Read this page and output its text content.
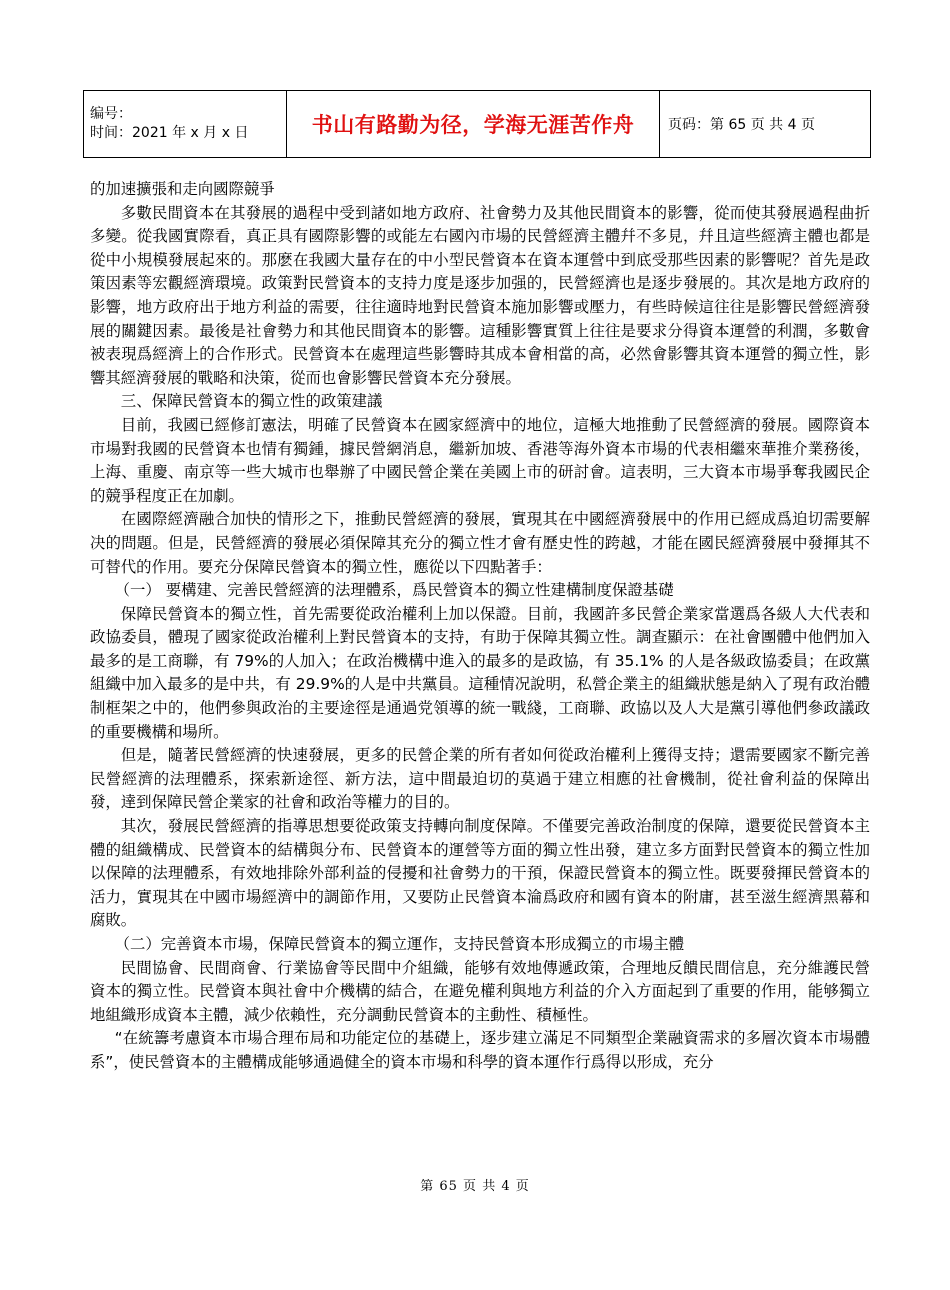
编号：
时间：2021 年 x 月 x 日	书山有路勤为径，学海无涯苦作舟	页码：第 65 页 共 4 页

的加速擴張和走向國際競爭

多數民間資本在其發展的過程中受到諸如地方政府、社會勢力及其他民間資本的影響，從而使其發展過程曲折多變。從我國實際看，真正具有國際影響的或能左右國內市場的民營經濟主體幷不多見，幷且這些經濟主體也都是從中小規模發展起來的。那麽在我國大量存在的中小型民營資本在資本運營中到底受那些因素的影響呢？首先是政策因素等宏觀經濟環境。政策對民營資本的支持力度是逐步加强的，民營經濟也是逐步發展的。其次是地方政府的影響，地方政府出于地方利益的需要，往往適時地對民營資本施加影響或壓力，有些時候這往往是影響民營經濟發展的關鍵因素。最後是社會勢力和其他民間資本的影響。這種影響實質上往往是要求分得資本運營的利潤，多數會被表現爲經濟上的合作形式。民營資本在處理這些影響時其成本會相當的高，必然會影響其資本運營的獨立性，影響其經濟發展的戰略和決策，從而也會影響民營資本充分發展。

三、保障民營資本的獨立性的政策建議

目前，我國已經修訂憲法，明確了民營資本在國家經濟中的地位，這極大地推動了民營經濟的發展。國際資本市場對我國的民營資本也情有獨鍾，據民營網消息，繼新加坡、香港等海外資本市場的代表相繼來華推介業務後，上海、重慶、南京等一些大城市也舉辦了中國民營企業在美國上市的研討會。這表明，三大資本市場爭奪我國民企的競爭程度正在加劇。

在國際經濟融合加快的情形之下，推動民營經濟的發展，實現其在中國經濟發展中的作用已經成爲迫切需要解决的問題。但是，民營經濟的發展必須保障其充分的獨立性才會有歷史性的跨越，才能在國民經濟發展中發揮其不可替代的作用。要充分保障民營資本的獨立性，應從以下四點著手：

（一） 要構建、完善民營經濟的法理體系，爲民營資本的獨立性建構制度保證基礎

保障民營資本的獨立性，首先需要從政治權利上加以保證。目前，我國許多民營企業家當選爲各級人大代表和政協委員，體現了國家從政治權利上對民營資本的支持，有助于保障其獨立性。調查顯示：在社會團體中他們加入最多的是工商聯，有 79%的人加入；在政治機構中進入的最多的是政協，有 35.1% 的人是各級政協委員；在政黨組織中加入最多的是中共，有 29.9%的人是中共黨員。這種情况說明，私營企業主的組織狀態是納入了現有政治體制框架之中的，他們參與政治的主要途徑是通過党領導的統一戰綫，工商聯、政協以及人大是黨引導他們參政議政的重要機構和場所。

但是，隨著民營經濟的快速發展，更多的民營企業的所有者如何從政治權利上獲得支持；還需要國家不斷完善民營經濟的法理體系，探索新途徑、新方法，這中間最迫切的莫過于建立相應的社會機制，從社會利益的保障出發，達到保障民營企業家的社會和政治等權力的目的。

其次，發展民營經濟的指導思想要從政策支持轉向制度保障。不僅要完善政治制度的保障，還要從民營資本主體的組織構成、民營資本的結構與分布、民營資本的運營等方面的獨立性出發，建立多方面對民營資本的獨立性加以保障的法理體系，有效地排除外部利益的侵擾和社會勢力的干預，保證民營資本的獨立性。既要發揮民營資本的活力，實現其在中國市場經濟中的調節作用，又要防止民營資本淪爲政府和國有資本的附庸，甚至滋生經濟黑幕和腐敗。

（二）完善資本市場，保障民營資本的獨立運作，支持民營資本形成獨立的市場主體

民間協會、民間商會、行業協會等民間中介組織，能够有效地傳遞政策，合理地反饋民間信息，充分維護民營資本的獨立性。民營資本與社會中介機構的結合，在避免權利與地方利益的介入方面起到了重要的作用，能够獨立地組織形成資本主體，減少依賴性，充分調動民營資本的主動性、積極性。

“在統籌考慮資本市場合理布局和功能定位的基礎上，逐步建立滿足不同類型企業融資需求的多層次資本市場體系”，使民營資本的主體構成能够通過健全的資本市場和科學的資本運作行爲得以形成，充分

第 65 页 共 4 页
